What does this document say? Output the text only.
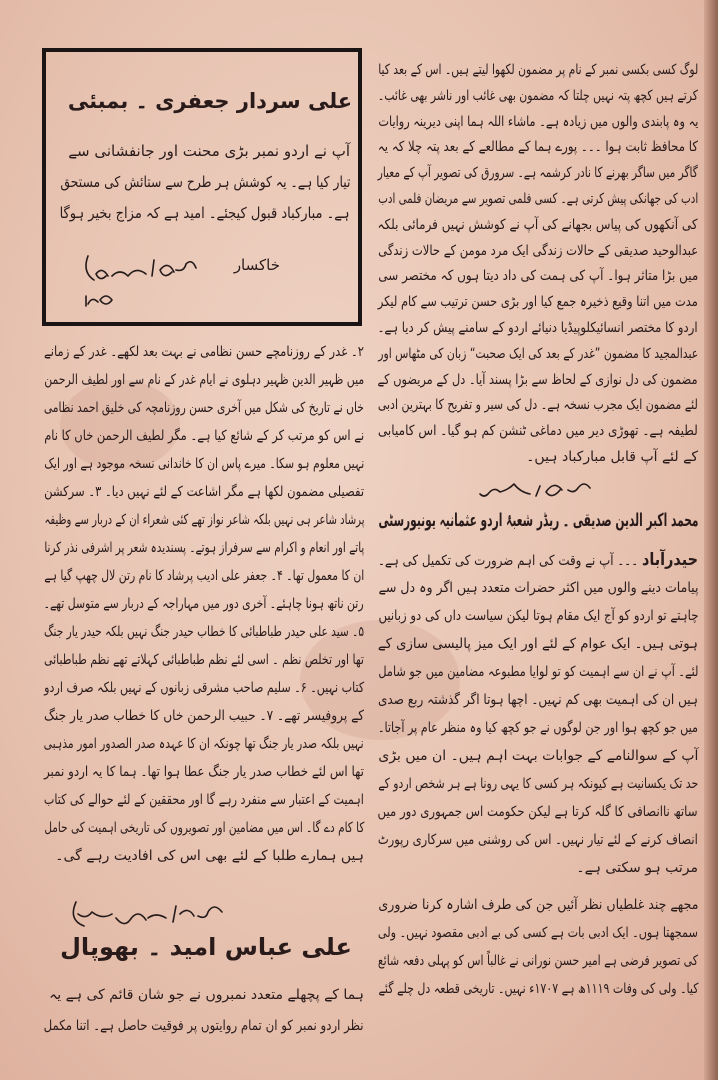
لوگ کسی بکسی نمبر کے نام پر مضمون لکھوا لیتے ہیں۔ اس کے بعد کیا
کرتے ہیں کچھ پتہ نہیں چلتا کہ مضمون بھی غائب اور ناشر بھی غائب۔
یہ وہ پابندی والوں میں زیادہ ہے۔ ماشاء اللہ ہما اپنی دیرینہ روایات
کا محافظ ثابت ہوا ۔۔۔ پورے ہما کے مطالعے کے بعد پتہ چلا کہ یہ
گاگر میں ساگر بھرنے کا نادر کرشمہ ہے۔ سرورق کی تصویر آپ کے معیار
ادب کی جھانکی پیش کرتی ہے۔ کسی فلمی تصویر سے مریضان فلمی ادب
کی آنکھوں کی پیاس بجھانے کی آپ نے کوشش نہیں فرمائی بلکہ
عبدالوحید صدیقی کے حالات زندگی ایک مرد مومن کے حالات زندگی
میں بڑا متاثر ہوا۔ آپ کی ہمت کی داد دیتا ہوں کہ مختصر سی
مدت میں اتنا وقیع ذخیرہ جمع کیا اور بڑی حسن ترتیب سے کام لیکر
اردو کا مختصر انسائیکلوپیڈیا دنیائے اردو کے سامنے پیش کر دیا ہے۔
عبدالمجید کا مضمون ”غدر کے بعد کی ایک صحبت“ زبان کی مٹھاس اور
مضمون کی دل نوازی کے لحاظ سے بڑا پسند آیا۔ دل کے مریضوں کے
لئے مضمون ایک مجرب نسخہ ہے۔ دل کی سیر و تفریح کا بہترین ادبی
لطیفہ ہے۔ تھوڑی دیر میں دماغی ٹنشن کم ہو گیا۔ اس کامیابی
کے لئے آپ قابل مبارکباد ہیں۔
محمد اکبر الدین صدیقی ۔ ریڈر شعبۂ اردو عثمانیہ یونیورسٹی
حیدرآباد ۔۔۔ آپ نے وقت کی اہم ضرورت کی تکمیل کی ہے۔
پیامات دینے والوں میں اکثر حضرات متعدد ہیں اگر وہ دل سے
چاہتے تو اردو کو آج ایک مقام ہوتا لیکن سیاست داں کی دو زبانیں
ہوتی ہیں۔ ایک عوام کے لئے اور ایک میز پالیسی سازی کے
لئے۔ آپ نے ان سے اہمیت کو تو لوایا مطبوعہ مضامین میں جو شامل
ہیں ان کی اہمیت بھی کم نہیں۔ اچھا ہوتا اگر گذشتہ ربع صدی
میں جو کچھ ہوا اور جن لوگوں نے جو کچھ کیا وہ منظر عام پر آجاتا۔
آپ کے سوالنامے کے جوابات بہت اہم ہیں۔ ان میں بڑی
حد تک یکسانیت ہے کیونکہ ہر کسی کا یہی رونا ہے ہر شخص اردو کے
ساتھ ناانصافی کا گلہ کرتا ہے لیکن حکومت اس جمہوری دور میں
انصاف کرنے کے لئے تیار نہیں۔ اس کی روشنی میں سرکاری رپورٹ
مرتب ہو سکتی ہے۔
مجھے چند غلطیاں نظر آئیں جن کی طرف اشارہ کرنا ضروری
سمجھتا ہوں۔ ایک ادبی بات ہے کسی کی بے ادبی مقصود نہیں۔ ولی
کی تصویر فرضی ہے امیر حسن نورانی نے غالباً اس کو پہلی دفعہ شائع
کیا۔ ولی کی وفات ۱۱۱۹ھ ہے ۱۷۰۷ء نہیں۔ تاریخی قطعہ دل چلے گئے
علی سردار جعفری ۔ بمبئی
آپ نے اردو نمبر بڑی محنت اور جانفشانی سے
تیار کیا ہے۔ یہ کوشش ہر طرح سے ستائش کی مستحق
ہے۔ مبارکباد قبول کیجئے۔ امید ہے کہ مزاج بخیر ہوگا
خاکسار
۲۔ غدر کے روزنامچے حسن نظامی نے بہت بعد لکھے۔ غدر کے زمانے
میں ظہیر الدین ظہیر دہلوی نے ایام غدر کے نام سے اور لطیف الرحمن
خاں نے تاریخ کی شکل میں آخری حسن روزنامچہ کی خلیق احمد نظامی
نے اس کو مرتب کر کے شائع کیا ہے۔ مگر لطیف الرحمن خاں کا نام
نہیں معلوم ہو سکا۔ میرے پاس ان کا خاندانی نسخہ موجود ہے اور ایک
تفصیلی مضمون لکھا ہے مگر اشاعت کے لئے نہیں دیا۔ ۳۔ سرکشن
پرشاد شاعر ہی نہیں بلکہ شاعر نواز تھے کئی شعراء ان کے دربار سے وظیفہ
پاتے اور انعام و اکرام سے سرفراز ہوتے۔ پسندیدہ شعر پر اشرفی نذر کرنا
ان کا معمول تھا۔ ۴۔ جعفر علی ادیب پرشاد کا نام رتن لال چھپ گیا ہے
رتن ناتھ ہونا چاہئے۔ آخری دور میں مہاراجہ کے دربار سے متوسل تھے۔
۵۔ سید علی حیدر طباطبائی کا خطاب حیدر جنگ نہیں بلکہ حیدر یار جنگ
تھا اور تخلص نظم ۔ اسی لئے نظم طباطبائی کہلاتے تھے نظم طباطبائی
کتاب نہیں۔ ۶۔ سلیم صاحب مشرقی زبانوں کے نہیں بلکہ صرف اردو
کے پروفیسر تھے۔ ۷۔ حبیب الرحمن خاں کا خطاب صدر یار جنگ
نہیں بلکہ صدر یار جنگ تھا چونکہ ان کا عہدہ صدر الصدور امور مذہبی
تھا اس لئے خطاب صدر یار جنگ عطا ہوا تھا۔ ہما کا یہ اردو نمبر
اہمیت کے اعتبار سے منفرد رہے گا اور محققین کے لئے حوالے کی کتاب
کا کام دے گا۔ اس میں مضامین اور تصویروں کی تاریخی اہمیت کی حامل
ہیں ہمارے طلبا کے لئے بھی اس کی افادیت رہے گی۔
علی عباس امید ۔ بھوپال
ہما کے پچھلے متعدد نمبروں نے جو شان قائم کی ہے یہ
نظر اردو نمبر کو ان تمام روایتوں پر فوقیت حاصل ہے۔ اتنا مکمل
